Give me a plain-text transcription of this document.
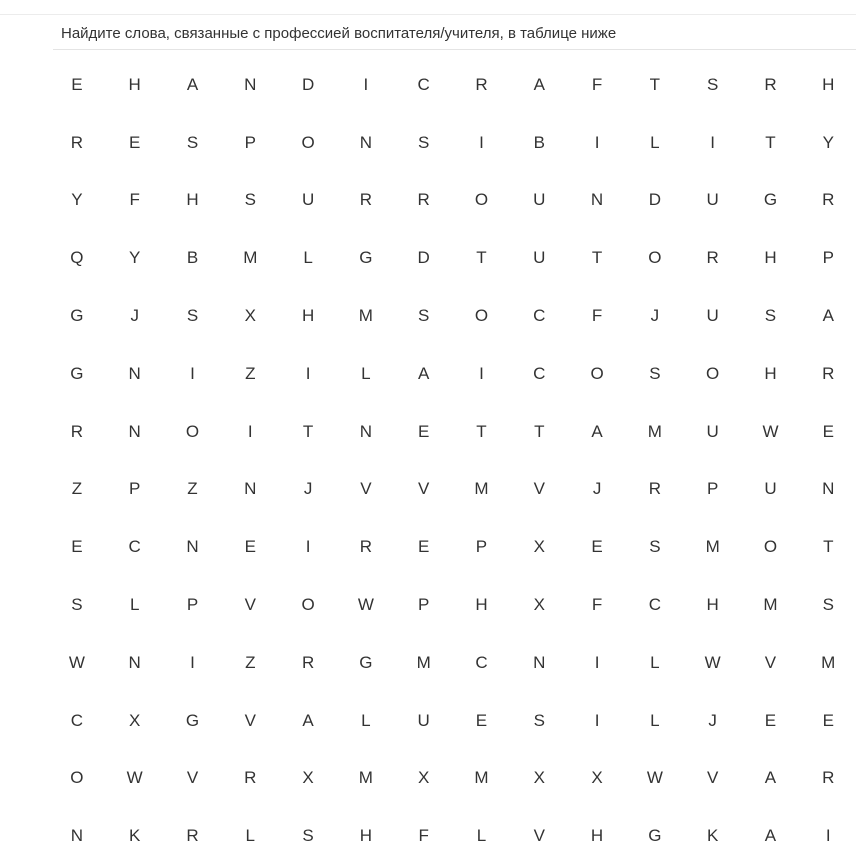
Найдите слова, связанные с профессией воспитателя/учителя, в таблице ниже
E	H	A	N	D	I	C	R	A	F	T	S	R	H
R	E	S	P	O	N	S	I	B	I	L	I	T	Y
Y	F	H	S	U	R	R	O	U	N	D	U	G	R
Q	Y	B	M	L	G	D	T	U	T	O	R	H	P
G	J	S	X	H	M	S	O	C	F	J	U	S	A
G	N	I	Z	I	L	A	I	C	O	S	O	H	R
R	N	O	I	T	N	E	T	T	A	M	U	W	E
Z	P	Z	N	J	V	V	M	V	J	R	P	U	N
E	C	N	E	I	R	E	P	X	E	S	M	O	T
S	L	P	V	O	W	P	H	X	F	C	H	M	S
W	N	I	Z	R	G	M	C	N	I	L	W	V	M
C	X	G	V	A	L	U	E	S	I	L	J	E	E
O	W	V	R	X	M	X	M	X	X	W	V	A	R
N	K	R	L	S	H	F	L	V	H	G	K	A	I
